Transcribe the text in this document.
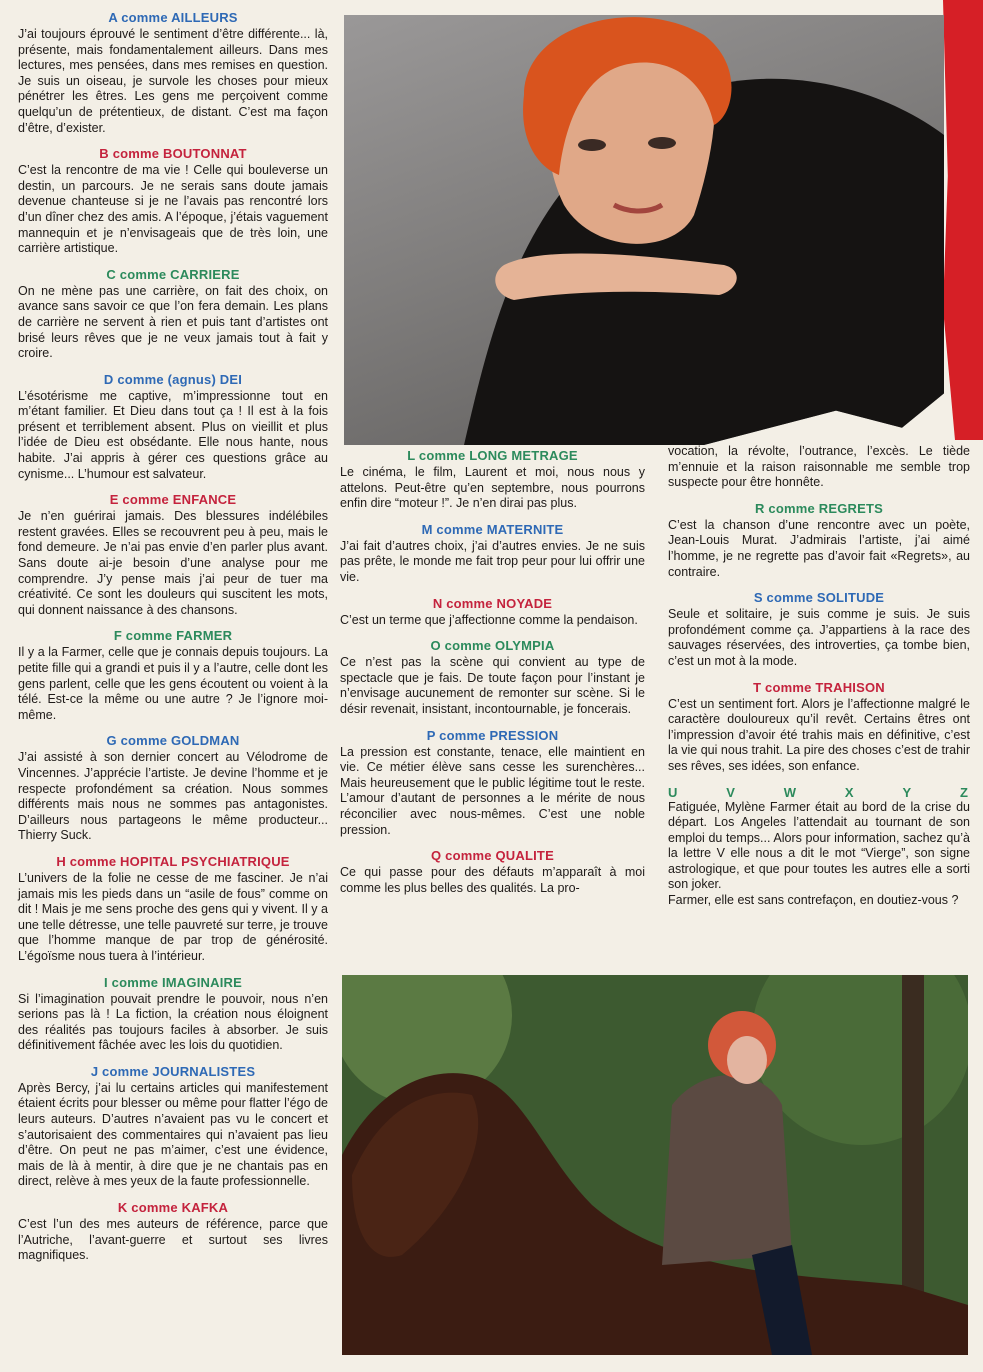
A comme AILLEURS

J’ai toujours éprouvé le sentiment d’être différente... là, présente, mais fondamentalement ailleurs. Dans mes lectures, mes pensées, dans mes remises en question. Je suis un oiseau, je survole les choses pour mieux pénétrer les êtres. Les gens me perçoivent comme quelqu’un de prétentieux, de distant. C’est ma façon d’être, d’exister.

B comme BOUTONNAT

C’est la rencontre de ma vie ! Celle qui bouleverse un destin, un parcours. Je ne serais sans doute jamais devenue chanteuse si je ne l’avais pas rencontré lors d’un dîner chez des amis. A l’époque, j’étais vaguement mannequin et je n’envisageais que de très loin, une carrière artistique.

C comme CARRIERE

On ne mène pas une carrière, on fait des choix, on avance sans savoir ce que l’on fera demain. Les plans de carrière ne servent à rien et puis tant d’artistes ont brisé leurs rêves que je ne veux jamais tout à fait y croire.

D comme (agnus) DEI

L’ésotérisme me captive, m’impressionne tout en m’étant familier. Et Dieu dans tout ça ! Il est à la fois présent et terriblement absent. Plus on vieillit et plus l’idée de Dieu est obsédante. Elle nous hante, nous habite. J’ai appris à gérer ces questions grâce au cynisme... L’humour est salvateur.

E comme ENFANCE

Je n’en guérirai jamais. Des blessures indélébiles restent gravées. Elles se recouvrent peu à peu, mais le fond demeure. Je n’ai pas envie d’en parler plus avant. Sans doute ai-je besoin d’une analyse pour me comprendre. J’y pense mais j’ai peur de tuer ma créativité. Ce sont les douleurs qui suscitent les mots, qui donnent naissance à des chansons.

F comme FARMER

Il y a la Farmer, celle que je connais depuis toujours. La petite fille qui a grandi et puis il y a l’autre, celle dont les gens parlent, celle que les gens écoutent ou voient à la télé. Est-ce la même ou une autre ? Je l’ignore moi-même.

G comme GOLDMAN

J’ai assisté à son dernier concert au Vélodrome de Vincennes. J’apprécie l’artiste. Je devine l’homme et je respecte profondément sa création. Nous sommes différents mais nous ne sommes pas antagonistes. D’ailleurs nous partageons le même producteur... Thierry Suck.

H comme HOPITAL PSYCHIATRIQUE

L’univers de la folie ne cesse de me fasciner. Je n’ai jamais mis les pieds dans un “asile de fous” comme on dit ! Mais je me sens proche des gens qui y vivent. Il y a une telle détresse, une telle pauvreté sur terre, je trouve que l’homme manque de par trop de générosité. L’égoïsme nous tuera à l’intérieur.

I comme IMAGINAIRE

Si l’imagination pouvait prendre le pouvoir, nous n’en serions pas là ! La fiction, la création nous éloignent des réalités pas toujours faciles à absorber. Je suis définitivement fâchée avec les lois du quotidien.

J comme JOURNALISTES

Après Bercy, j’ai lu certains articles qui manifestement étaient écrits pour blesser ou même pour flatter l’égo de leurs auteurs. D’autres n’avaient pas vu le concert et s’autorisaient des commentaires qui n’avaient pas lieu d’être. On peut ne pas m’aimer, c’est une évidence, mais de là à mentir, à dire que je ne chantais pas en direct, relève à mes yeux de la faute professionnelle.

K comme KAFKA

C’est l’un des mes auteurs de référence, parce que l’Autriche, l’avant-guerre et surtout ses livres magnifiques.

L comme LONG METRAGE

Le cinéma, le film, Laurent et moi, nous nous y attelons. Peut-être qu’en septembre, nous pourrons enfin dire “moteur !”. Je n’en dirai pas plus.

M comme MATERNITE

J’ai fait d’autres choix, j’ai d’autres envies. Je ne suis pas prête, le monde me fait trop peur pour lui offrir une vie.

N comme NOYADE

C’est un terme que j’affectionne comme la pendaison.

O comme OLYMPIA

Ce n’est pas la scène qui convient au type de spectacle que je fais. De toute façon pour l’instant je n’envisage aucunement de remonter sur scène. Si le désir revenait, insistant, incontournable, je foncerais.

P comme PRESSION

La pression est constante, tenace, elle maintient en vie. Ce métier élève sans cesse les surenchères... Mais heureusement que le public légitime tout le reste. L’amour d’autant de personnes a le mérite de nous réconcilier avec nous-mêmes. C’est une noble pression.

Q comme QUALITE

Ce qui passe pour des défauts m’apparaît à moi comme les plus belles des qualités. La pro-

vocation, la révolte, l’outrance, l’excès. Le tiède m’ennuie et la raison raisonnable me semble trop suspecte pour être honnête.

R comme REGRETS

C’est la chanson d’une rencontre avec un poète, Jean-Louis Murat. J’admirais l’artiste, j’ai aimé l’homme, je ne regrette pas d’avoir fait «Regrets», au contraire.

S comme SOLITUDE

Seule et solitaire, je suis comme je suis. Je suis profondément comme ça. J’appartiens à la race des sauvages réservées, des introverties, ça tombe bien, c’est un mot à la mode.

T comme TRAHISON

C’est un sentiment fort. Alors je l’affectionne malgré le caractère douloureux qu’il revêt. Certains êtres ont l’impression d’avoir été trahis mais en définitive, c’est la vie qui nous trahit. La pire des choses c’est de trahir ses rêves, ses idées, son enfance.

U	V	W	X	Y	Z

Fatiguée, Mylène Farmer était au bord de la crise du départ. Los Angeles l’attendait au tournant de son emploi du temps... Alors pour information, sachez qu’à la lettre V elle nous a dit le mot “Vierge”, son signe astrologique, et que pour toutes les autres elle a sorti son joker.

Farmer, elle est sans contrefaçon, en doutiez-vous ?
